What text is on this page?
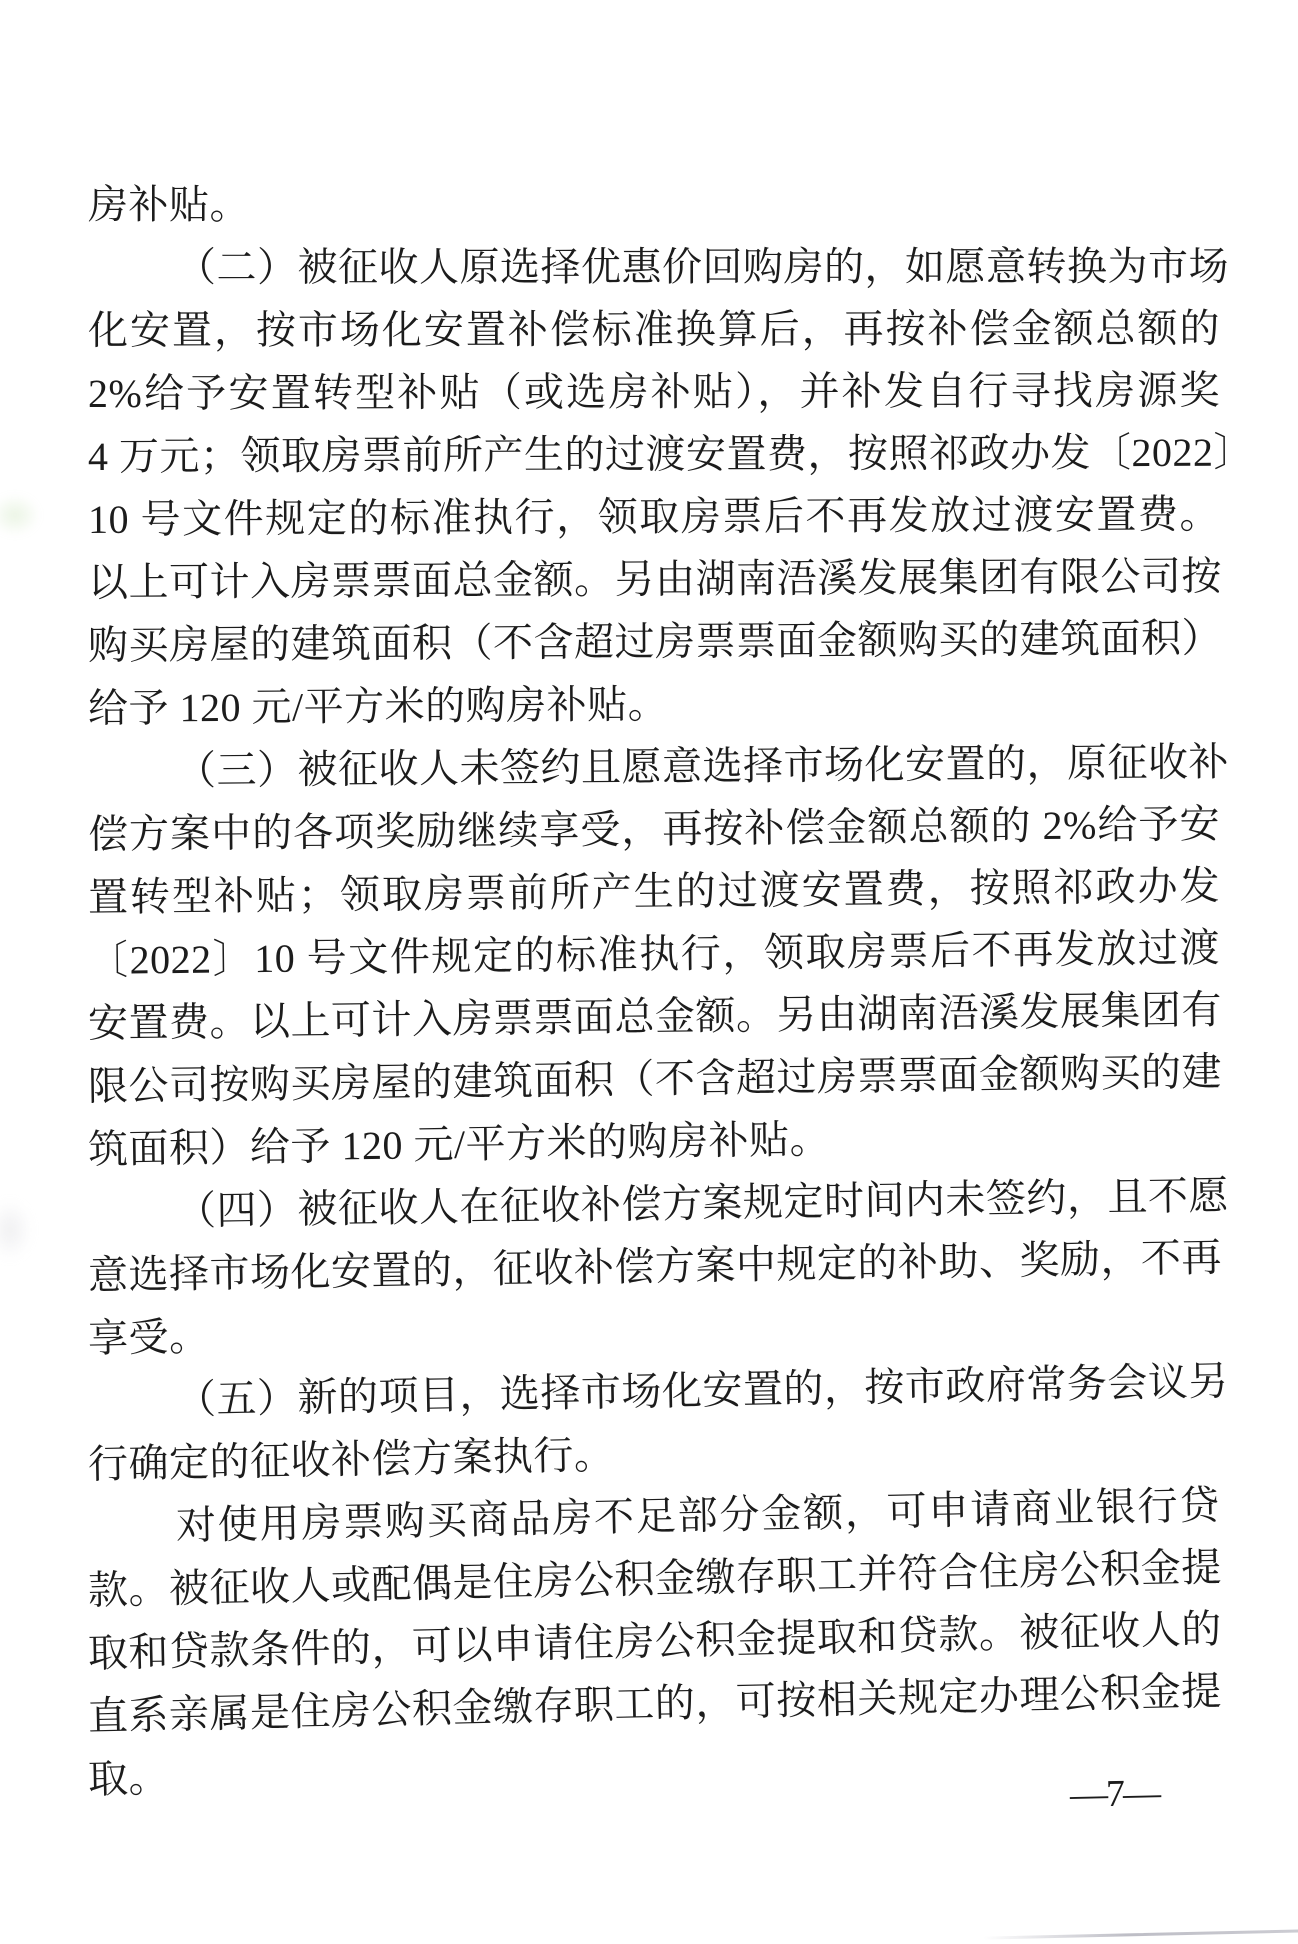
房补贴。
（二）被征收人原选择优惠价回购房的，如愿意转换为市场
化安置，按市场化安置补偿标准换算后，再按补偿金额总额的
2%给予安置转型补贴（或选房补贴），并补发自行寻找房源奖
4 万元；领取房票前所产生的过渡安置费，按照祁政办发〔2022〕
10 号文件规定的标准执行，领取房票后不再发放过渡安置费。
以上可计入房票票面总金额。另由湖南浯溪发展集团有限公司按
购买房屋的建筑面积（不含超过房票票面金额购买的建筑面积）
给予 120 元/平方米的购房补贴。
（三）被征收人未签约且愿意选择市场化安置的，原征收补
偿方案中的各项奖励继续享受，再按补偿金额总额的 2%给予安
置转型补贴；领取房票前所产生的过渡安置费，按照祁政办发
〔2022〕10 号文件规定的标准执行，领取房票后不再发放过渡
安置费。以上可计入房票票面总金额。另由湖南浯溪发展集团有
限公司按购买房屋的建筑面积（不含超过房票票面金额购买的建
筑面积）给予 120 元/平方米的购房补贴。
（四）被征收人在征收补偿方案规定时间内未签约，且不愿
意选择市场化安置的，征收补偿方案中规定的补助、奖励，不再
享受。
（五）新的项目，选择市场化安置的，按市政府常务会议另
行确定的征收补偿方案执行。
对使用房票购买商品房不足部分金额，可申请商业银行贷
款。被征收人或配偶是住房公积金缴存职工并符合住房公积金提
取和贷款条件的，可以申请住房公积金提取和贷款。被征收人的
直系亲属是住房公积金缴存职工的，可按相关规定办理公积金提
取。	—7—
